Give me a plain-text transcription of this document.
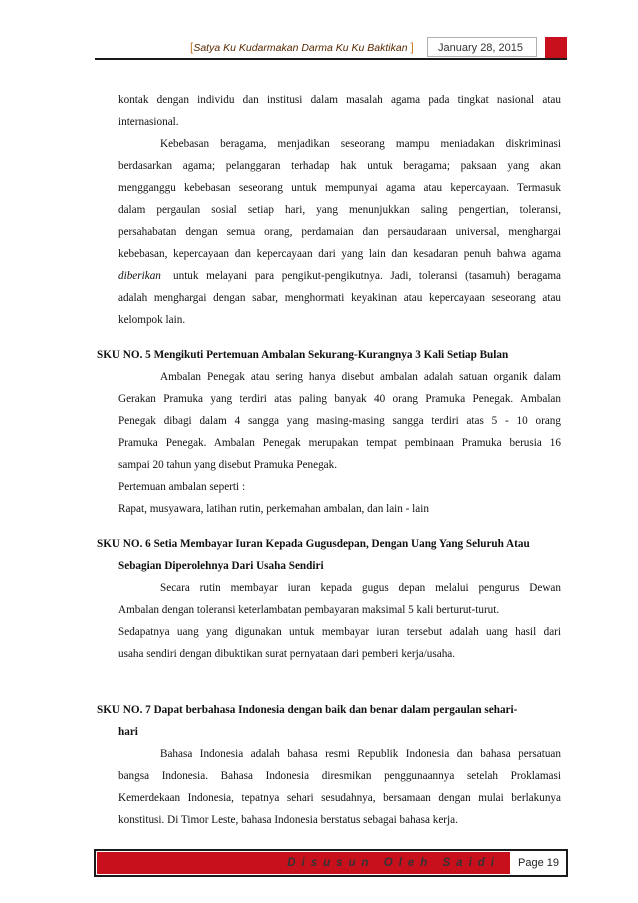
[Satya Ku Kudarmakan Darma Ku Ku Baktikan ]	January 28, 2015
kontak dengan individu dan institusi dalam masalah agama pada tingkat nasional atau
internasional.
Kebebasan beragama, menjadikan seseorang mampu meniadakan diskriminasi
berdasarkan agama; pelanggaran terhadap hak untuk beragama; paksaan yang akan
mengganggu kebebasan seseorang untuk mempunyai agama atau kepercayaan. Termasuk
dalam pergaulan sosial setiap hari, yang menunjukkan saling pengertian, toleransi,
persahabatan dengan semua orang, perdamaian dan persaudaraan universal, menghargai
kebebasan, kepercayaan dan kepercayaan dari yang lain dan kesadaran penuh bahwa agama
diberikan untuk melayani para pengikut-pengikutnya. Jadi, toleransi (tasamuh) beragama
adalah menghargai dengan sabar, menghormati keyakinan atau kepercayaan seseorang atau
kelompok lain.
SKU NO. 5 Mengikuti Pertemuan Ambalan Sekurang-Kurangnya 3 Kali Setiap Bulan
Ambalan Penegak atau sering hanya disebut ambalan adalah satuan organik dalam
Gerakan Pramuka yang terdiri atas paling banyak 40 orang Pramuka Penegak. Ambalan
Penegak dibagi dalam 4 sangga yang masing-masing sangga terdiri atas 5 - 10 orang
Pramuka Penegak. Ambalan Penegak merupakan tempat pembinaan Pramuka berusia 16
sampai 20 tahun yang disebut Pramuka Penegak.
Pertemuan ambalan seperti :
Rapat, musyawara, latihan rutin, perkemahan ambalan, dan lain - lain
SKU NO. 6 Setia Membayar Iuran Kepada Gugusdepan, Dengan Uang Yang Seluruh Atau
Sebagian Diperolehnya Dari Usaha Sendiri
Secara rutin membayar iuran kepada gugus depan melalui pengurus Dewan
Ambalan dengan toleransi keterlambatan pembayaran maksimal 5 kali berturut-turut.
Sedapatnya uang yang digunakan untuk membayar iuran tersebut adalah uang hasil dari
usaha sendiri dengan dibuktikan surat pernyataan dari pemberi kerja/usaha.
SKU NO. 7 Dapat berbahasa Indonesia dengan baik dan benar dalam pergaulan sehari-
hari
Bahasa Indonesia adalah bahasa resmi Republik Indonesia dan bahasa persatuan
bangsa Indonesia. Bahasa Indonesia diresmikan penggunaannya setelah Proklamasi
Kemerdekaan Indonesia, tepatnya sehari sesudahnya, bersamaan dengan mulai berlakunya
konstitusi. Di Timor Leste, bahasa Indonesia berstatus sebagai bahasa kerja.
Disusun Oleh Saidi	Page 19
